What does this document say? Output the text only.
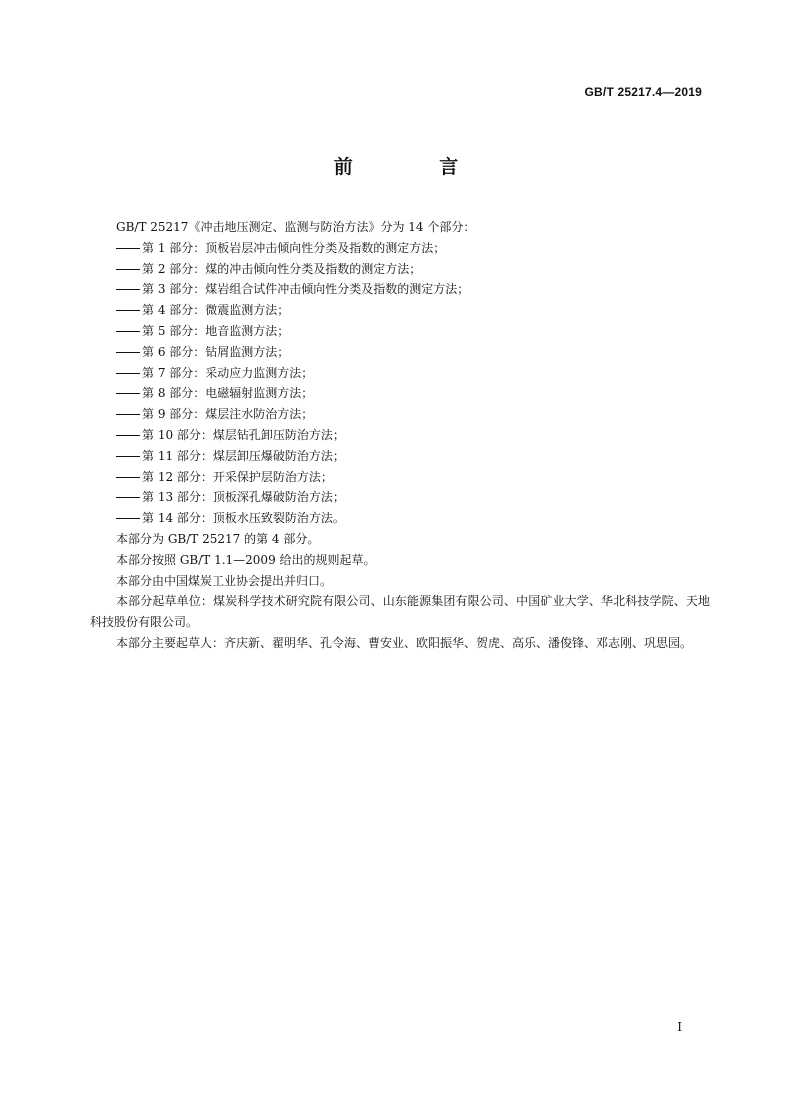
GB/T 25217.4—2019
前 言
GB/T 25217《冲击地压测定、监测与防治方法》分为 14 个部分：
第 1 部分：顶板岩层冲击倾向性分类及指数的测定方法；
第 2 部分：煤的冲击倾向性分类及指数的测定方法；
第 3 部分：煤岩组合试件冲击倾向性分类及指数的测定方法；
第 4 部分：微震监测方法；
第 5 部分：地音监测方法；
第 6 部分：钻屑监测方法；
第 7 部分：采动应力监测方法；
第 8 部分：电磁辐射监测方法；
第 9 部分：煤层注水防治方法；
第 10 部分：煤层钻孔卸压防治方法；
第 11 部分：煤层卸压爆破防治方法；
第 12 部分：开采保护层防治方法；
第 13 部分：顶板深孔爆破防治方法；
第 14 部分：顶板水压致裂防治方法。
本部分为 GB/T 25217 的第 4 部分。
本部分按照 GB/T 1.1—2009 给出的规则起草。
本部分由中国煤炭工业协会提出并归口。
本部分起草单位：煤炭科学技术研究院有限公司、山东能源集团有限公司、中国矿业大学、华北科技学院、天地科技股份有限公司。
本部分主要起草人：齐庆新、翟明华、孔令海、曹安业、欧阳振华、贺虎、高乐、潘俊锋、邓志刚、巩思园。
I
